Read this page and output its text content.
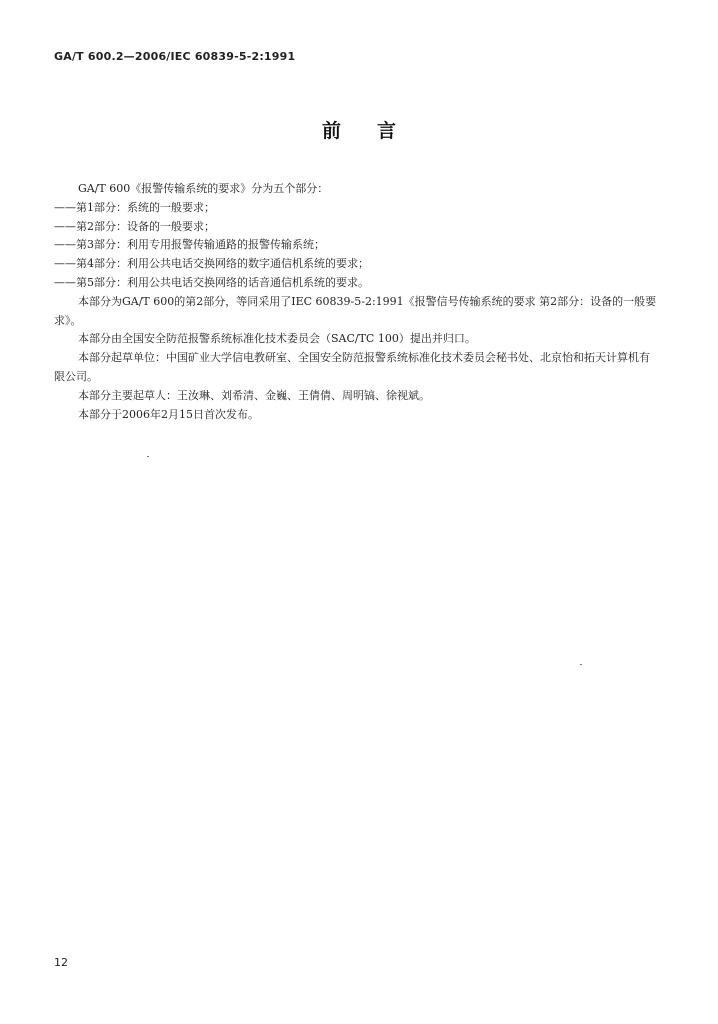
GA/T 600.2—2006/IEC 60839-5-2:1991
前言

GA/T 600《报警传输系统的要求》分为五个部分：

——第1部分：系统的一般要求；

——第2部分：设备的一般要求；

——第3部分：利用专用报警传输通路的报警传输系统；

——第4部分：利用公共电话交换网络的数字通信机系统的要求；

——第5部分：利用公共电话交换网络的话音通信机系统的要求。

本部分为GA/T 600的第2部分，等同采用了IEC 60839-5-2:1991《报警信号传输系统的要求 第2部分：设备的一般要求》。

本部分由全国安全防范报警系统标准化技术委员会（SAC/TC 100）提出并归口。

本部分起草单位：中国矿业大学信电教研室、全国安全防范报警系统标准化技术委员会秘书处、北京怡和拓天计算机有限公司。

本部分主要起草人：王汝琳、刘希清、金巍、王倩倩、周明镐、徐视斌。

本部分于2006年2月15日首次发布。

12
